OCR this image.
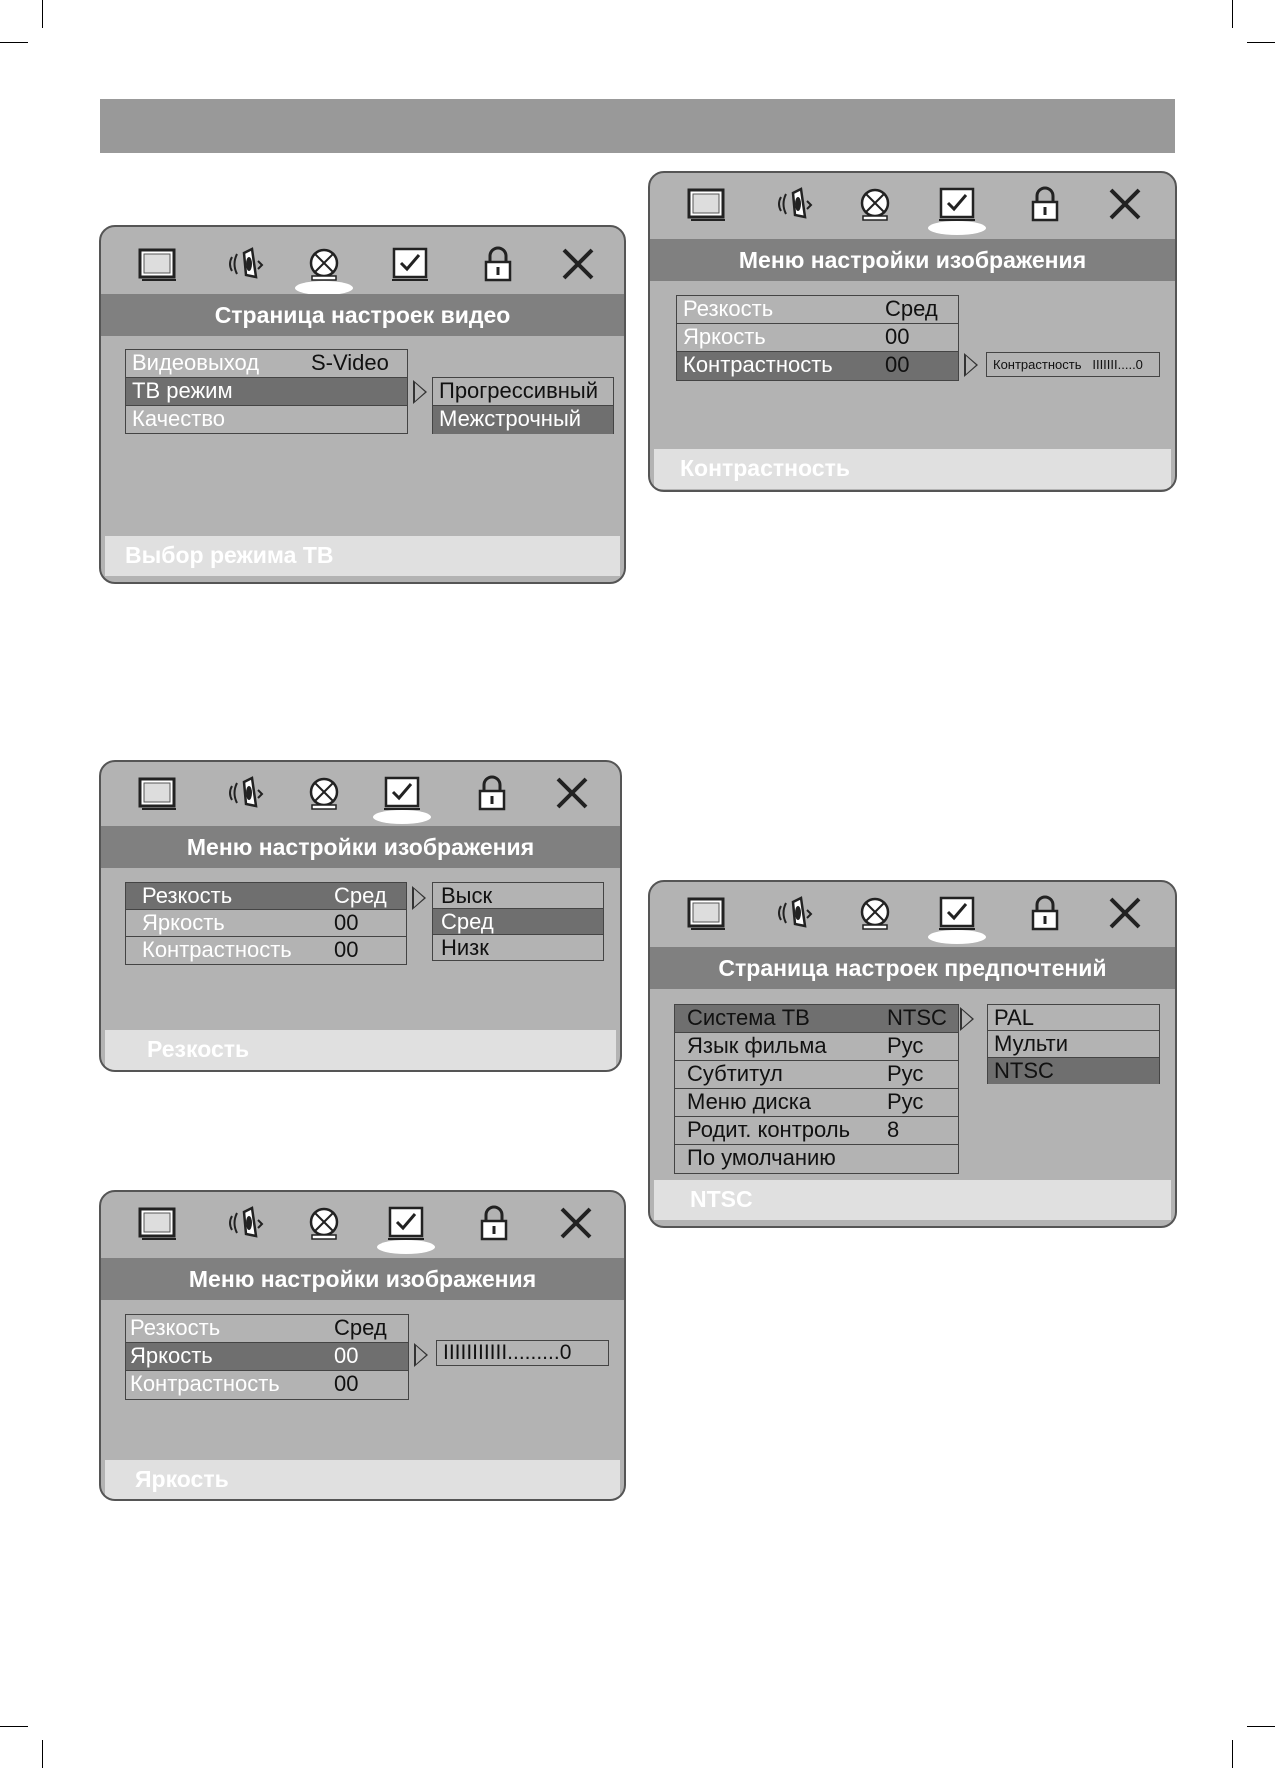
Страница настроек видео
Видеовыход S-Video
ТВ режим
Качество
Прогрессивный
Межстрочный
Выбор режима ТВ
Меню настройки изображения
Резкость	Сред
Яркость	00
Контрастность 00	Контрастность
IIIIIII.....0
Контрастность
Меню настройки изображения
Резкость	Сред
Яркость	00
Контрастность 00
Выск
Сред
Низк
Резкость
Страница настроек предпочтений
Система ТВ	NTSC
Язык фильма	Рус
Субтитул	Рус
Меню диска	Рус
Родит. контроль 8
По умолчанию
PAL
Мульти
NTSC
NTSC
Меню настройки изображения
Резкость	Сред
Яркость	00
Контрастность 00
IIIIIIIIIII.........0
Яркость
